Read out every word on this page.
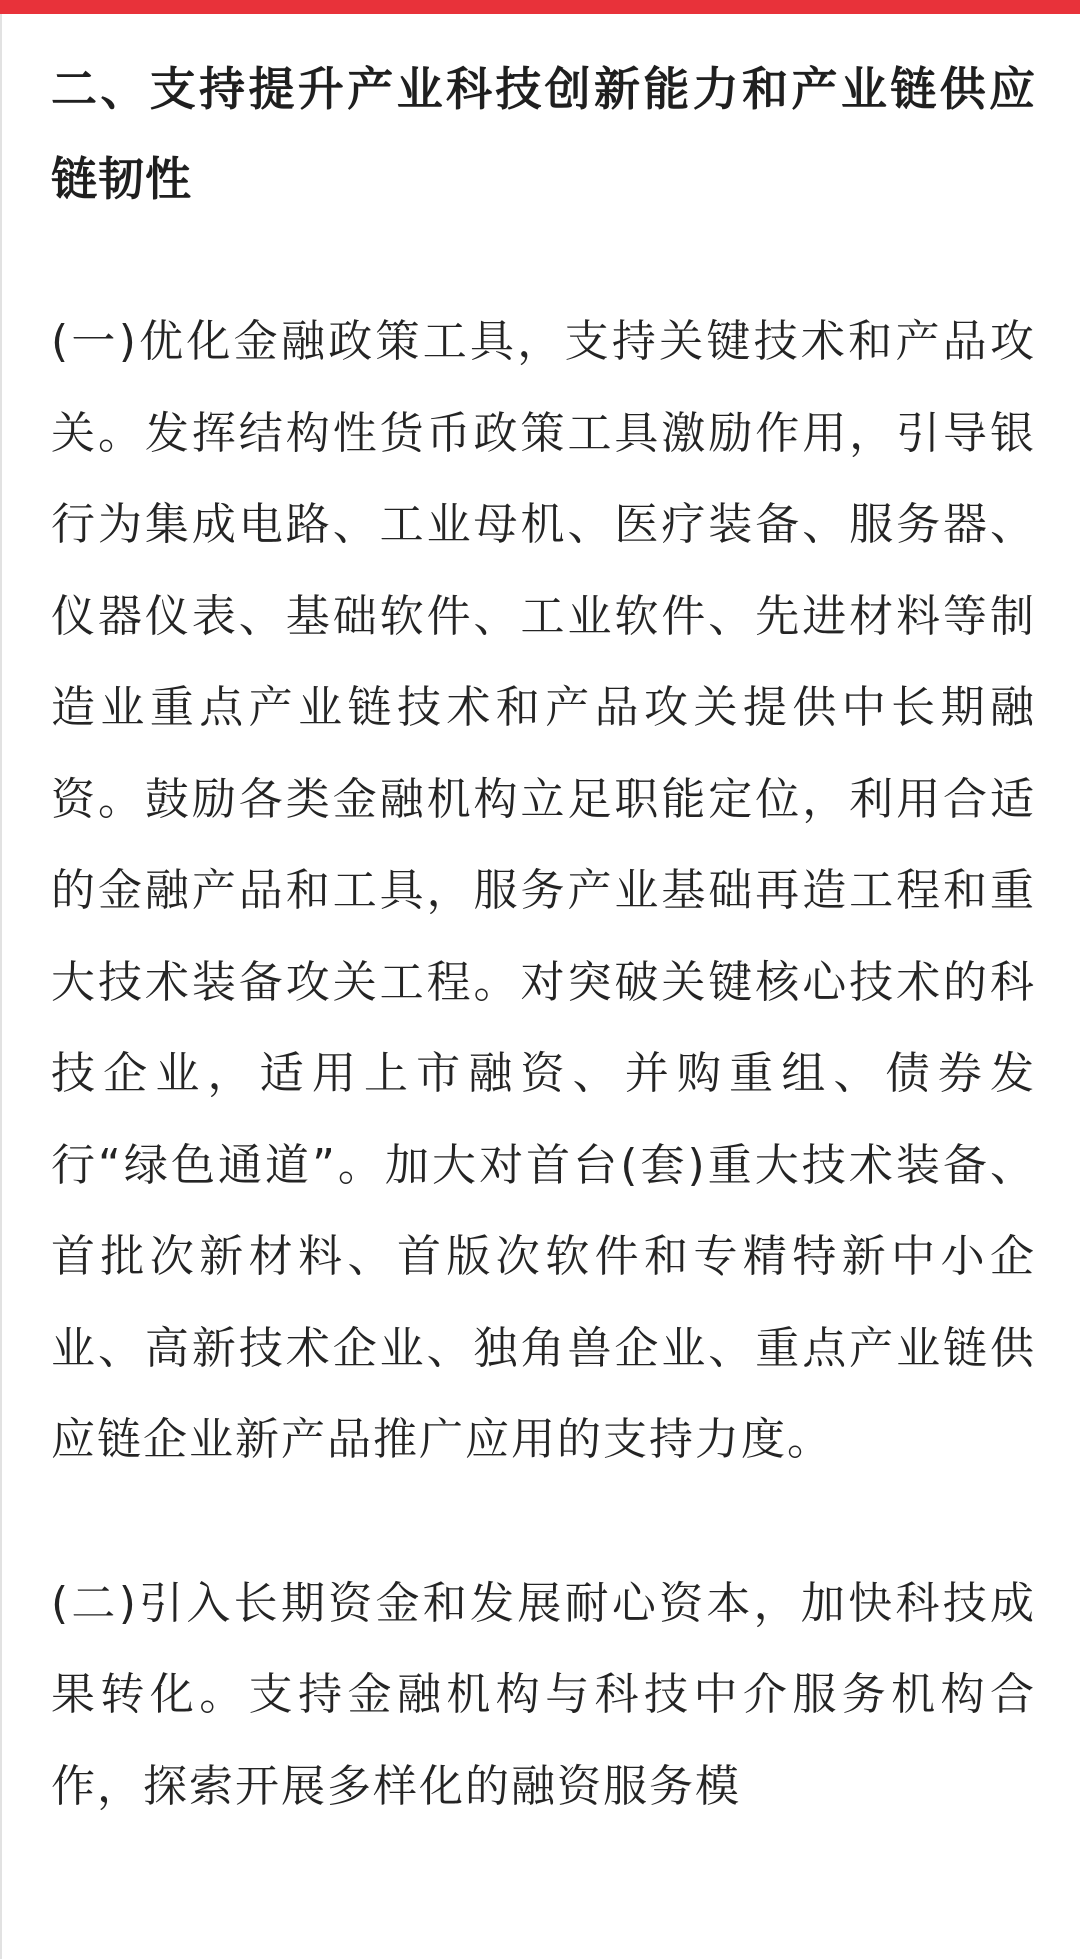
二、支持提升产业科技创新能力和产业链供应链韧性

(一)优化金融政策工具，支持关键技术和产品攻关。发挥结构性货币政策工具激励作用，引导银行为集成电路、工业母机、医疗装备、服务器、仪器仪表、基础软件、工业软件、先进材料等制造业重点产业链技术和产品攻关提供中长期融资。鼓励各类金融机构立足职能定位，利用合适的金融产品和工具，服务产业基础再造工程和重大技术装备攻关工程。对突破关键核心技术的科技企业，适用上市融资、并购重组、债券发行“绿色通道”。加大对首台(套)重大技术装备、首批次新材料、首版次软件和专精特新中小企业、高新技术企业、独角兽企业、重点产业链供应链企业新产品推广应用的支持力度。

(二)引入长期资金和发展耐心资本，加快科技成果转化。支持金融机构与科技中介服务机构合作，探索开展多样化的融资服务模
